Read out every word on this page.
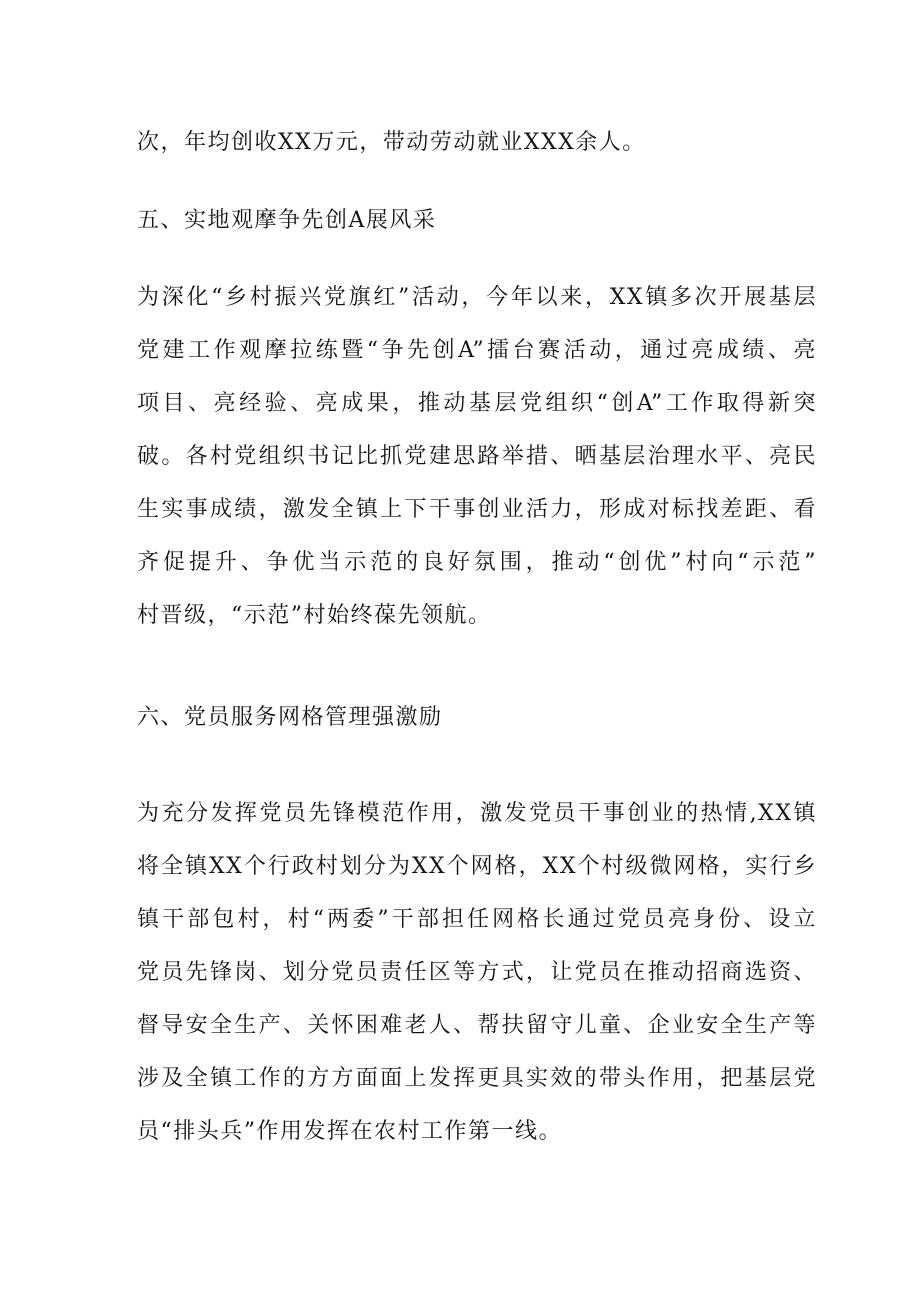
次，年均创收XX万元，带动劳动就业XXX余人。
五、实地观摩争先创A展风采
为深化“乡村振兴党旗红”活动，今年以来，XX镇多次开展基层
党建工作观摩拉练暨“争先创A”擂台赛活动，通过亮成绩、亮
项目、亮经验、亮成果，推动基层党组织“创A”工作取得新突
破。各村党组织书记比抓党建思路举措、晒基层治理水平、亮民
生实事成绩，激发全镇上下干事创业活力，形成对标找差距、看
齐促提升、争优当示范的良好氛围，推动“创优”村向“示范”
村晋级，“示范”村始终葆先领航。
六、党员服务网格管理强激励
为充分发挥党员先锋模范作用，激发党员干事创业的热情,XX镇
将全镇XX个行政村划分为XX个网格，XX个村级微网格，实行乡
镇干部包村，村“两委”干部担任网格长通过党员亮身份、设立
党员先锋岗、划分党员责任区等方式，让党员在推动招商选资、
督导安全生产、关怀困难老人、帮扶留守儿童、企业安全生产等
涉及全镇工作的方方面面上发挥更具实效的带头作用，把基层党
员“排头兵”作用发挥在农村工作第一线。
